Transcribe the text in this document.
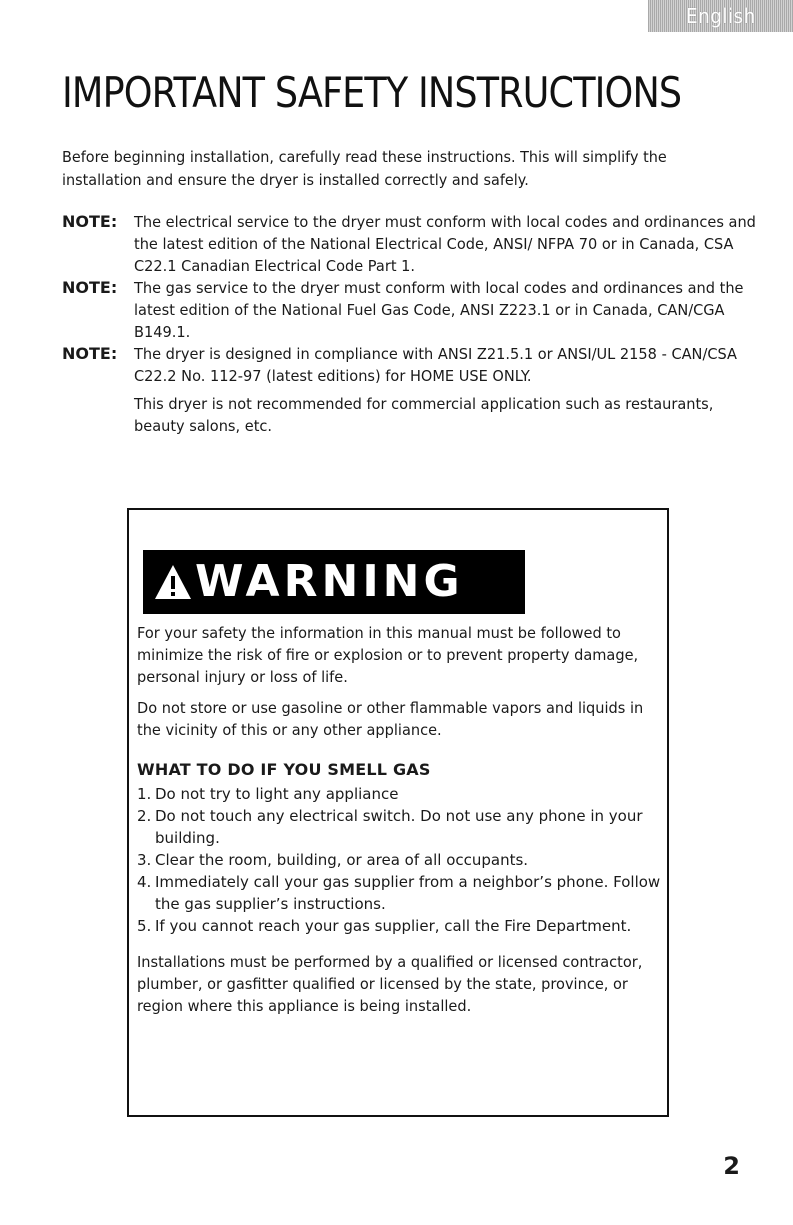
English
IMPORTANT SAFETY INSTRUCTIONS

Before beginning installation, carefully read these instructions. This will simplify the installation and ensure the dryer is installed correctly and safely.

NOTE:	The electrical service to the dryer must conform with local codes and ordinances and the latest edition of the National Electrical Code, ANSI/ NFPA 70 or in Canada, CSA C22.1 Canadian Electrical Code Part 1.

NOTE:	The gas service to the dryer must conform with local codes and ordinances and the latest edition of the National Fuel Gas Code, ANSI Z223.1 or in Canada, CAN/CGA B149.1.

NOTE:	The dryer is designed in compliance with ANSI Z21.5.1 or ANSI/UL 2158 - CAN/CSA C22.2 No. 112-97 (latest editions) for HOME USE ONLY.

This dryer is not recommended for commercial application such as restaurants, beauty salons, etc.

WARNING

For your safety the information in this manual must be followed to minimize the risk of fire or explosion or to prevent property damage, personal injury or loss of life.

Do not store or use gasoline or other flammable vapors and liquids in the vicinity of this or any other appliance.

WHAT TO DO IF YOU SMELL GAS
1. Do not try to light any appliance
2. Do not touch any electrical switch. Do not use any phone in your building.
3. Clear the room, building, or area of all occupants.
4. Immediately call your gas supplier from a neighbor’s phone. Follow the gas supplier’s instructions.
5. If you cannot reach your gas supplier, call the Fire Department.

Installations must be performed by a qualified or licensed contractor, plumber, or gasfitter qualified or licensed by the state, province, or region where this appliance is being installed.

2
